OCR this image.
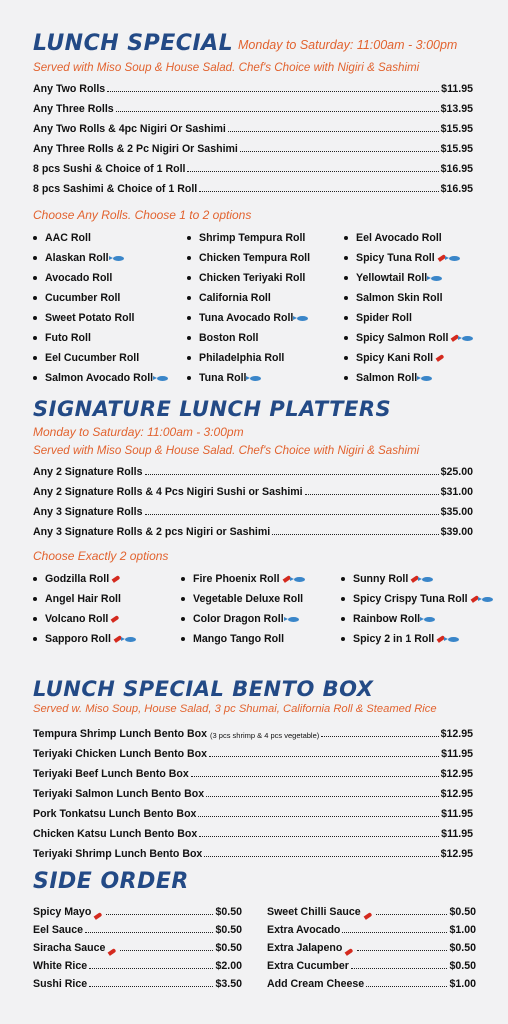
LUNCH SPECIAL Monday to Saturday: 11:00am - 3:00pm
Served with Miso Soup & House Salad. Chef's Choice with Nigiri & Sashimi
Any Two Rolls	$11.95
Any Three Rolls	$13.95
Any Two Rolls & 4pc Nigiri Or Sashimi	$15.95
Any Three Rolls & 2 Pc Nigiri Or Sashimi	$15.95
8 pcs Sushi & Choice of 1 Roll	$16.95
8 pcs Sashimi & Choice of 1 Roll	$16.95
Choose Any Rolls. Choose 1 to 2 options
AAC Roll
Alaskan Roll
Avocado Roll
Cucumber Roll
Sweet Potato Roll
Futo Roll
Eel Cucumber Roll
Salmon Avocado Roll
Shrimp Tempura Roll
Chicken Tempura Roll
Chicken Teriyaki Roll
California Roll
Tuna Avocado Roll
Boston Roll
Philadelphia Roll
Tuna Roll
Eel Avocado Roll
Spicy Tuna Roll
Yellowtail Roll
Salmon Skin Roll
Spider Roll
Spicy Salmon Roll
Spicy Kani Roll
Salmon Roll
SIGNATURE LUNCH PLATTERS
Monday to Saturday: 11:00am - 3:00pm
Served with Miso Soup & House Salad. Chef's Choice with Nigiri & Sashimi
Any 2 Signature Rolls	$25.00
Any 2 Signature Rolls & 4 Pcs Nigiri Sushi or Sashimi	$31.00
Any 3 Signature Rolls	$35.00
Any 3 Signature Rolls & 2 pcs Nigiri or Sashimi	$39.00
Choose Exactly 2 options
Godzilla Roll
Angel Hair Roll
Volcano Roll
Sapporo Roll
Fire Phoenix Roll
Vegetable Deluxe Roll
Color Dragon Roll
Mango Tango Roll
Sunny Roll
Spicy Crispy Tuna Roll
Rainbow Roll
Spicy 2 in 1 Roll
LUNCH SPECIAL BENTO BOX
Served w. Miso Soup, House Salad, 3 pc Shumai, California Roll & Steamed Rice
Tempura Shrimp Lunch Bento Box (3 pcs shrimp & 4 pcs vegetable)	$12.95
Teriyaki Chicken Lunch Bento Box	$11.95
Teriyaki Beef Lunch Bento Box	$12.95
Teriyaki Salmon Lunch Bento Box	$12.95
Pork Tonkatsu Lunch Bento Box	$11.95
Chicken Katsu Lunch Bento Box	$11.95
Teriyaki Shrimp Lunch Bento Box	$12.95
SIDE ORDER
Spicy Mayo	$0.50
Eel Sauce	$0.50
Siracha Sauce	$0.50
White Rice	$2.00
Sushi Rice	$3.50
Sweet Chilli Sauce	$0.50
Extra Avocado	$1.00
Extra Jalapeno	$0.50
Extra Cucumber	$0.50
Add Cream Cheese	$1.00
